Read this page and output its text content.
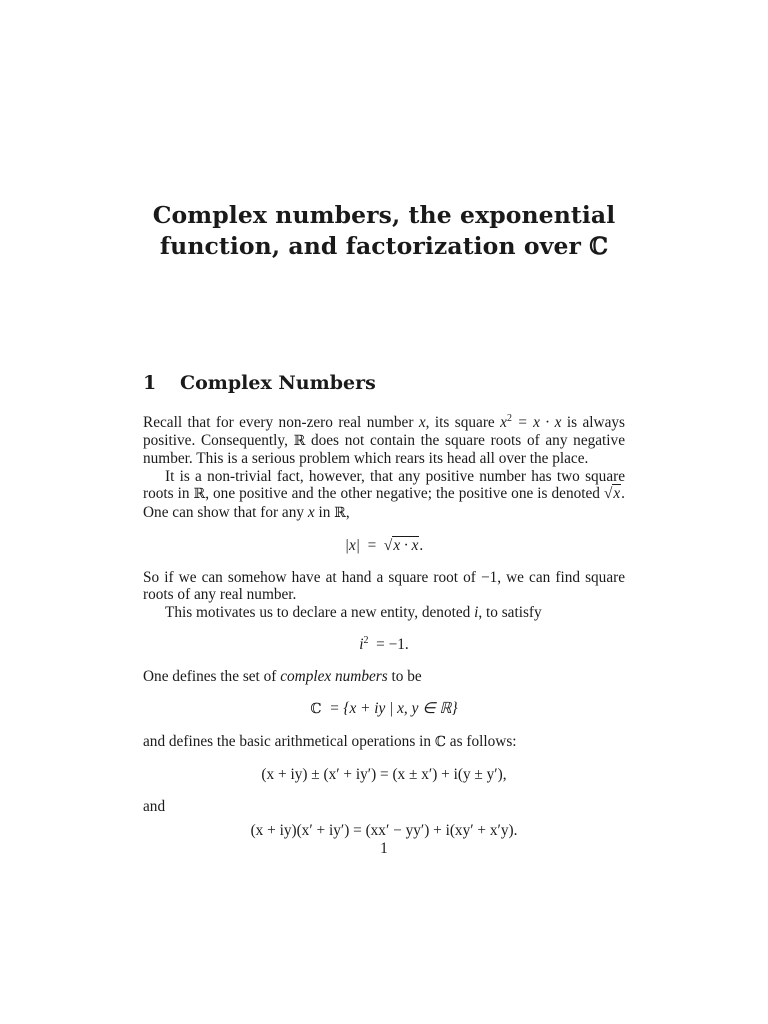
Complex numbers, the exponential
function, and factorization over ℂ
1 Complex Numbers

Recall that for every non-zero real number x, its square $x^2 = x \cdot x$ is always positive. Consequently, ℝ does not contain the square roots of any negative number. This is a serious problem which rears its head all over the place.

It is a non-trivial fact, however, that any positive number has two square roots in ℝ, one positive and the other negative; the positive one is denoted √x. One can show that for any x in ℝ,

|x| = √x · x.

So if we can somehow have at hand a square root of −1, we can find square roots of any real number.

This motivates us to declare a new entity, denoted i, to satisfy

$i^2 = -1$.

One defines the set of complex numbers to be

ℂ = {x + iy | x, y ∈ ℝ}

and defines the basic arithmetical operations in ℂ as follows:

(x + iy) ± (x′ + iy′) = (x ± x′) + i(y ± y′),

and

(x + iy)(x′ + iy′) = (xx′ − yy′) + i(xy′ + x′y).
1
